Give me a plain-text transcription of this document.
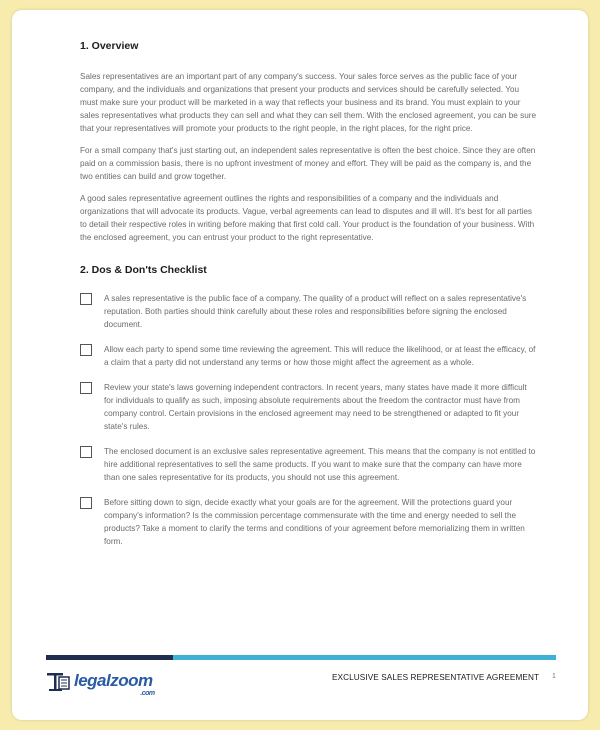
1. Overview

Sales representatives are an important part of any company's success. Your sales force serves as the public face of your company, and the individuals and organizations that present your products and services should be carefully selected. You must make sure your product will be marketed in a way that reflects your business and its brand. You must explain to your sales representatives what products they can sell and what they can sell them. With the enclosed agreement, you can be sure that your representatives will promote your products to the right people, in the right places, for the right price.

For a small company that's just starting out, an independent sales representative is often the best choice. Since they are often paid on a commission basis, there is no upfront investment of money and effort. They will be paid as the company is, and the two entities can build and grow together.

A good sales representative agreement outlines the rights and responsibilities of a company and the individuals and organizations that will advocate its products. Vague, verbal agreements can lead to disputes and ill will. It's best for all parties to detail their respective roles in writing before making that first cold call. Your product is the foundation of your business. With the enclosed agreement, you can entrust your product to the right representative.

2. Dos & Don'ts Checklist
A sales representative is the public face of a company. The quality of a product will reflect on a sales representative's reputation. Both parties should think carefully about these roles and responsibilities before signing the enclosed document.
Allow each party to spend some time reviewing the agreement. This will reduce the likelihood, or at least the efficacy, of a claim that a party did not understand any terms or how those might affect the agreement as a whole.
Review your state's laws governing independent contractors. In recent years, many states have made it more difficult for individuals to qualify as such, imposing absolute requirements about the freedom the contractor must have from company control. Certain provisions in the enclosed agreement may need to be strengthened or adapted to fit your state's rules.
The enclosed document is an exclusive sales representative agreement. This means that the company is not entitled to hire additional representatives to sell the same products. If you want to make sure that the company can have more than one sales representative for its products, you should not use this agreement.
Before sitting down to sign, decide exactly what your goals are for the agreement. Will the protections guard your company's information? Is the commission percentage commensurate with the time and energy needed to sell the products? Take a moment to clarify the terms and conditions of your agreement before memorializing them in written form.
legalzoom
.com
EXCLUSIVE SALES REPRESENTATIVE AGREEMENT 1
